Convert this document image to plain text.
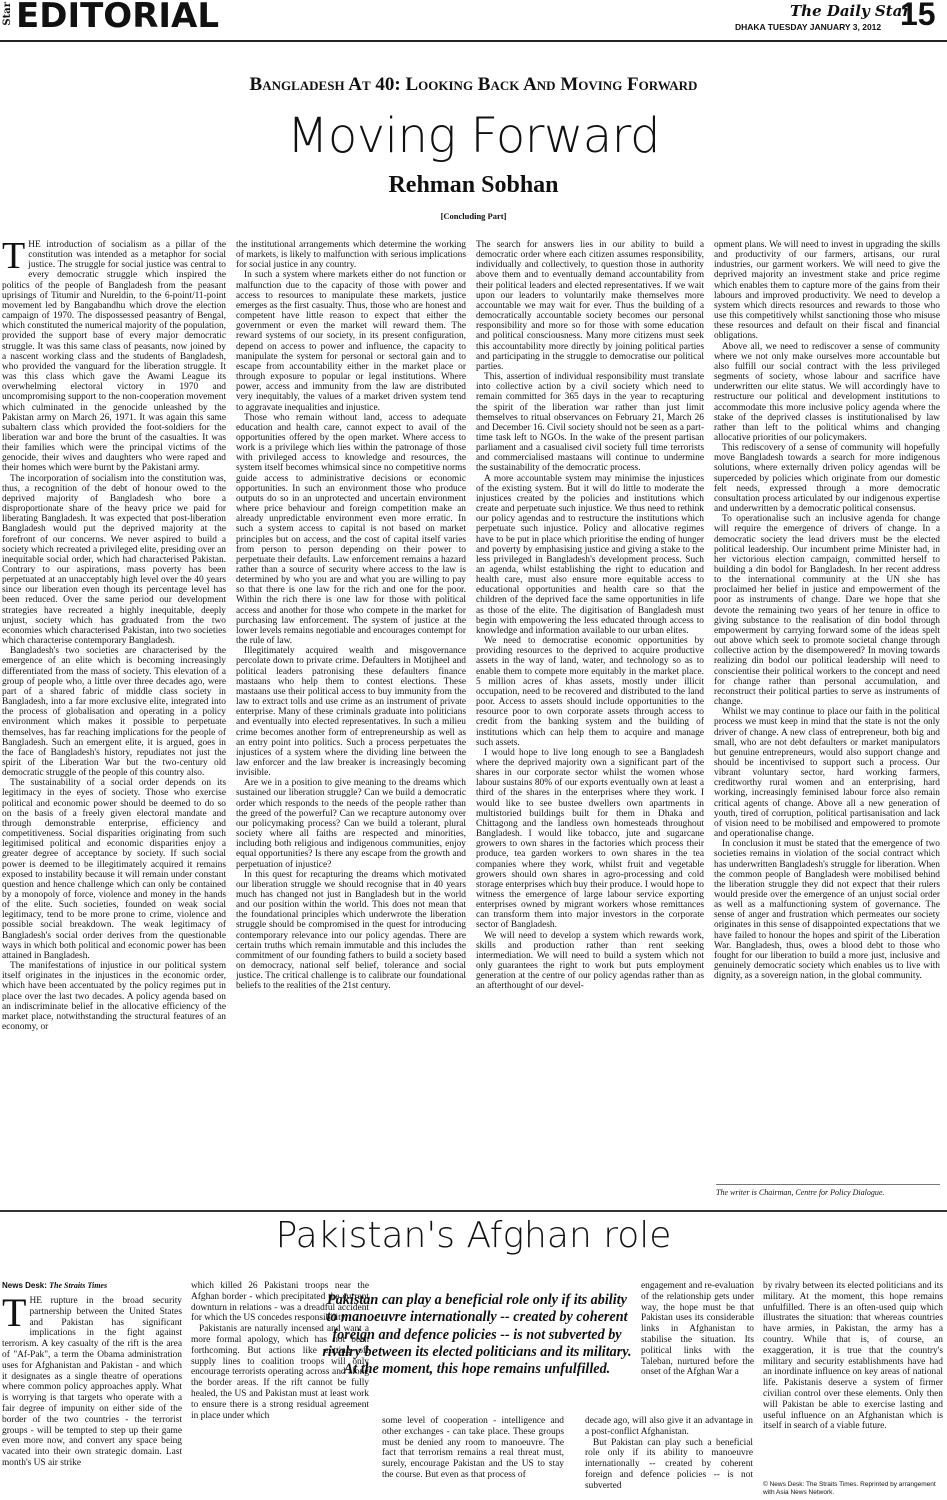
Star EDITORIAL	The Daily Star
DHAKA TUESDAY JANUARY 3, 2012 15
Bangladesh At 40: Looking Back And Moving Forward
Moving Forward
Rehman Sobhan
[Concluding Part]
T HE introduction of socialism as a pillar of the constitution was intended as a metaphor for social justice. The struggle for social justice was central to every democratic struggle which inspired the politics of the people of Bangladesh from the peasant uprisings of Titumir and Nureldin, to the 6-point/11-point movement led by Bangabandhu which drove the election campaign of 1970. The dispossessed peasantry of Bengal, which constituted the numerical majority of the population, provided the support base of every major democratic struggle. It was this same class of peasants, now joined by a nascent working class and the students of Bangladesh, who provided the vanguard for the liberation struggle. It was this class which gave the Awami League its overwhelming electoral victory in 1970 and uncompromising support to the non-cooperation movement which culminated in the genocide unleashed by the Pakistan army on March 26, 1971. It was again this same subaltern class which provided the foot-soldiers for the liberation war and bore the brunt of the casualties. It was their families which were the principal victims of the genocide, their wives and daughters who were raped and their homes which were burnt by the Pakistani army.

The incorporation of socialism into the constitution was, thus, a recognition of the debt of honour owed to the deprived majority of Bangladesh who bore a disproportionate share of the heavy price we paid for liberating Bangladesh. It was expected that post-liberation Bangladesh would put the deprived majority at the forefront of our concerns. We never aspired to build a society which recreated a privileged elite, presiding over an inequitable social order, which had characterised Pakistan. Contrary to our aspirations, mass poverty has been perpetuated at an unacceptably high level over the 40 years since our liberation even though its percentage level has been reduced. Over the same period our development strategies have recreated a highly inequitable, deeply unjust, society which has graduated from the two economies which characterised Pakistan, into two societies which characterise contemporary Bangladesh.

Bangladesh's two societies are characterised by the emergence of an elite which is becoming increasingly differentiated from the mass of society. This elevation of a group of people who, a little over three decades ago, were part of a shared fabric of middle class society in Bangladesh, into a far more exclusive elite, integrated into the process of globalisation and operating in a policy environment which makes it possible to perpetuate themselves, has far reaching implications for the people of Bangladesh. Such an emergent elite, it is argued, goes in the face of Bangladesh's history, repudiates not just the spirit of the Liberation War but the two-century old democratic struggle of the people of this country also.

The sustainability of a social order depends on its legitimacy in the eyes of society. Those who exercise political and economic power should be deemed to do so on the basis of a freely given electoral mandate and through demonstrable enterprise, efficiency and competitiveness. Social disparities originating from such legitimised political and economic disparities enjoy a greater degree of acceptance by society. If such social power is deemed to be illegitimately acquired it remains exposed to instability because it will remain under constant question and hence challenge which can only be contained by a monopoly of force, violence and money in the hands of the elite. Such societies, founded on weak social legitimacy, tend to be more prone to crime, violence and possible social breakdown. The weak legitimacy of Bangladesh's social order derives from the questionable ways in which both political and economic power has been attained in Bangladesh.

The manifestations of injustice in our political system itself originates in the injustices in the economic order, which have been accentuated by the policy regimes put in place over the last two decades. A policy agenda based on an indiscriminate belief in the allocative efficiency of the market place, notwithstanding the structural features of an economy, or

the institutional arrangements which determine the working of markets, is likely to malfunction with serious implications for social justice in any country.

In such a system where markets either do not function or malfunction due to the capacity of those with power and access to resources to manipulate these markets, justice emerges as the first casualty. Thus, those who are honest and competent have little reason to expect that either the government or even the market will reward them. The reward systems of our society, in its present configuration, depend on access to power and influence, the capacity to manipulate the system for personal or sectoral gain and to escape from accountability either in the market place or through exposure to popular or legal institutions. Where power, access and immunity from the law are distributed very inequitably, the values of a market driven system tend to aggravate inequalities and injustice.

Those who remain without land, access to adequate education and health care, cannot expect to avail of the opportunities offered by the open market. Where access to work is a privilege which lies within the patronage of those with privileged access to knowledge and resources, the system itself becomes whimsical since no competitive norms guide access to administrative decisions or economic opportunities. In such an environment those who produce outputs do so in an unprotected and uncertain environment where price behaviour and foreign competition make an already unpredictable environment even more erratic. In such a system access to capital is not based on market principles but on access, and the cost of capital itself varies from person to person depending on their power to perpetuate their defaults. Law enforcement remains a hazard rather than a source of security where access to the law is determined by who you are and what you are willing to pay so that there is one law for the rich and one for the poor. Within the rich there is one law for those with political access and another for those who compete in the market for purchasing law enforcement. The system of justice at the lower levels remains negotiable and encourages contempt for the rule of law.

Illegitimately acquired wealth and misgovernance percolate down to private crime. Defaulters in Motijheel and political leaders patronising these defaulters finance mastaans who help them to contest elections. These mastaans use their political access to buy immunity from the law to extract tolls and use crime as an instrument of private enterprise. Many of these criminals graduate into politicians and eventually into elected representatives. In such a milieu crime becomes another form of entrepreneurship as well as an entry point into politics. Such a process perpetuates the injustices of a system where the dividing line between the law enforcer and the law breaker is increasingly becoming invisible.

Are we in a position to give meaning to the dreams which sustained our liberation struggle? Can we build a democratic order which responds to the needs of the people rather than the greed of the powerful? Can we recapture autonomy over our policymaking process? Can we build a tolerant, plural society where all faiths are respected and minorities, including both religious and indigenous communities, enjoy equal opportunities? Is there any escape from the growth and perpetuation of injustice?

In this quest for recapturing the dreams which motivated our liberation struggle we should recognise that in 40 years much has changed not just in Bangladesh but in the world and our position within the world. This does not mean that the foundational principles which underwrote the liberation struggle should be compromised in the quest for introducing contemporary relevance into our policy agendas. There are certain truths which remain immutable and this includes the commitment of our founding fathers to build a society based on democracy, national self belief, tolerance and social justice. The critical challenge is to calibrate our foundational beliefs to the realities of the 21st century.

The search for answers lies in our ability to build a democratic order where each citizen assumes responsibility, individually and collectively, to question those in authority above them and to eventually demand accountability from their political leaders and elected representatives. If we wait upon our leaders to voluntarily make themselves more accountable we may wait for ever. Thus the building of a democratically accountable society becomes our personal responsibility and more so for those with some education and political consciousness. Many more citizens must seek this accountability more directly by joining political parties and participating in the struggle to democratise our political parties.

This, assertion of individual responsibility must translate into collective action by a civil society which need to remain committed for 365 days in the year to recapturing the spirit of the liberation war rather than just limit themselves to ritual observances on February 21, March 26 and December 16. Civil society should not be seen as a part-time task left to NGOs. In the wake of the present partisan parliament and a casualised civil society full time terrorists and commercialised mastaans will continue to undermine the sustainability of the democratic process.

A more accountable system may minimise the injustices of the existing system. But it will do little to moderate the injustices created by the policies and institutions which create and perpetuate such injustice. We thus need to rethink our policy agendas and to restructure the institutions which perpetuate such injustice. Policy and allocative regimes have to be put in place which prioritise the ending of hunger and poverty by emphasising justice and giving a stake to the less privileged in Bangladesh's development process. Such an agenda, whilst establishing the right to education and health care, must also ensure more equitable access to educational opportunities and health care so that the children of the deprived face the same opportunities in life as those of the elite. The digitisation of Bangladesh must begin with empowering the less educated through access to knowledge and information available to our urban elites.

We need to democratise economic opportunities by providing resources to the deprived to acquire productive assets in the way of land, water, and technology so as to enable them to compete more equitably in the market place. 5 million acres of khas assets, mostly under illicit occupation, need to be recovered and distributed to the land poor. Access to assets should include opportunities to the resource poor to own corporate assets through access to credit from the banking system and the building of institutions which can help them to acquire and manage such assets.

I would hope to live long enough to see a Bangladesh where the deprived majority own a significant part of the shares in our corporate sector whilst the women whose labour sustains 80% of our exports eventually own at least a third of the shares in the enterprises where they work. I would like to see bustee dwellers own apartments in multistoried buildings built for them in Dhaka and Chittagong and the landless own homesteads throughout Bangladesh. I would like tobacco, jute and sugarcane growers to own shares in the factories which process their produce, tea garden workers to own shares in the tea companies where they work, whilst fruit and vegetable growers should own shares in agro-processing and cold storage enterprises which buy their produce. I would hope to witness the emergence of large labour service exporting enterprises owned by migrant workers whose remittances can transform them into major investors in the corporate sector of Bangladesh.

We will need to develop a system which rewards work, skills and production rather than rent seeking intermediation. We will need to build a system which not only guarantees the right to work but puts employment generation at the centre of our policy agendas rather than as an afterthought of our devel-

opment plans. We will need to invest in upgrading the skills and productivity of our farmers, artisans, our rural industries, our garment workers. We will need to give the deprived majority an investment stake and price regime which enables them to capture more of the gains from their labours and improved productivity. We need to develop a system which directs resources and rewards to those who use this competitively whilst sanctioning those who misuse these resources and default on their fiscal and financial obligations.

Above all, we need to rediscover a sense of community where we not only make ourselves more accountable but also fulfill our social contract with the less privileged segments of society, whose labour and sacrifice have underwritten our elite status. We will accordingly have to restructure our political and development institutions to accommodate this more inclusive policy agenda where the stake of the deprived classes is institutionalised by law rather than left to the political whims and changing allocative priorities of our policymakers.

This rediscovery of a sense of community will hopefully move Bangladesh towards a search for more indigenous solutions, where externally driven policy agendas will be superceded by policies which originate from our domestic felt needs, expressed through a more democratic consultation process articulated by our indigenous expertise and underwritten by a democratic political consensus.

To operationalise such an inclusive agenda for change will require the emergence of drivers of change. In a democratic society the lead drivers must be the elected political leadership. Our incumbent prime Minister had, in her victorious election campaign, committed herself to building a din bodol for Bangladesh. In her recent address to the international community at the UN she has proclaimed her belief in justice and empowerment of the poor as instruments of change. Dare we hope that she devote the remaining two years of her tenure in office to giving substance to the realisation of din bodol through empowerment by carrying forward some of the ideas spelt out above which seek to promote societal change through collective action by the disempowered? In moving towards realizing din bodol our political leadership will need to conscientise their political workers to the concept and need for change rather than personal accumulation, and reconstruct their political parties to serve as instruments of change.

Whilst we may continue to place our faith in the political process we must keep in mind that the state is not the only driver of change. A new class of entrepreneur, both big and small, who are not debt defaulters or market manipulators but genuine entrepreneurs, would also support change and should be incentivised to support such a process. Our vibrant voluntary sector, hard working farmers, creditworthy rural women and an enterprising, hard working, increasingly feminised labour force also remain critical agents of change. Above all a new generation of youth, tired of corruption, political partisanisation and lack of vision need to be mobilised and empowered to promote and operationalise change.

In conclusion it must be stated that the emergence of two societies remains in violation of the social contract which has underwritten Bangladesh's struggle for liberation. When the common people of Bangladesh were mobilised behind the liberation struggle they did not expect that their rulers would preside over the emergence of an unjust social order as well as a malfunctioning system of governance. The sense of anger and frustration which permeates our society originates in this sense of disappointed expectations that we have failed to honour the hopes and spirit of the Liberation War. Bangladesh, thus, owes a blood debt to those who fought for our liberation to build a more just, inclusive and genuinely democratic society which enables us to live with dignity, as a sovereign nation, in the global community.

The writer is Chairman, Centre for Policy Dialogue.
Pakistan's Afghan role
News Desk: The Straits Times
T HE rupture in the broad security partnership between the United States and Pakistan has significant implications in the fight against terrorism. A key casualty of the rift is the area of "Af-Pak", a term the Obama administration uses for Afghanistan and Pakistan - and which it designates as a single theatre of operations where common policy approaches apply. What is worrying is that targets who operate with a fair degree of impunity on either side of the border of the two countries - the terrorist groups - will be tempted to step up their game even more now, and convert any space being vacated into their own strategic domain. Last month's US air strike

which killed 26 Pakistani troops near the Afghan border - which precipitated the current downturn in relations - was a dreadful accident for which the US concedes responsibility.

Pakistanis are naturally incensed and want a more formal apology, which has not been forthcoming. But actions like cutting off supply lines to coalition troops will only encourage terrorists operating across and along the border areas. If the rift cannot be fully healed, the US and Pakistan must at least work to ensure there is a strong residual agreement in place under which

Pakistan can play a beneficial role only if its ability to manoeuvre internationally -- created by coherent foreign and defence policies -- is not subverted by rivalry between its elected politicians and its military. At the moment, this hope remains unfulfilled.

some level of cooperation - intelligence and other exchanges - can take place. These groups must be denied any room to manoeuvre. The fact that terrorism remains a real threat must, surely, encourage Pakistan and the US to stay the course. But even as that process of

engagement and re-evaluation of the relationship gets under way, the hope must be that Pakistan uses its considerable links in Afghanistan to stabilise the situation. Its political links with the Taleban, nurtured before the onset of the Afghan War a

decade ago, will also give it an advantage in a post-conflict Afghanistan.

But Pakistan can play such a beneficial role only if its ability to manoeuvre internationally -- created by coherent foreign and defence policies -- is not subverted

by rivalry between its elected politicians and its military. At the moment, this hope remains unfulfilled. There is an often-used quip which illustrates the situation: that whereas countries have armies, in Pakistan, the army has a country. While that is, of course, an exaggeration, it is true that the country's military and security establishments have had an inordinate influence on key areas of national life. Pakistanis deserve a system of firmer civilian control over these elements. Only then will Pakistan be able to exercise lasting and useful influence on an Afghanistan which is itself in search of a viable future.

© News Desk: The Straits Times. Reprinted by arrangement with Asia News Network.
